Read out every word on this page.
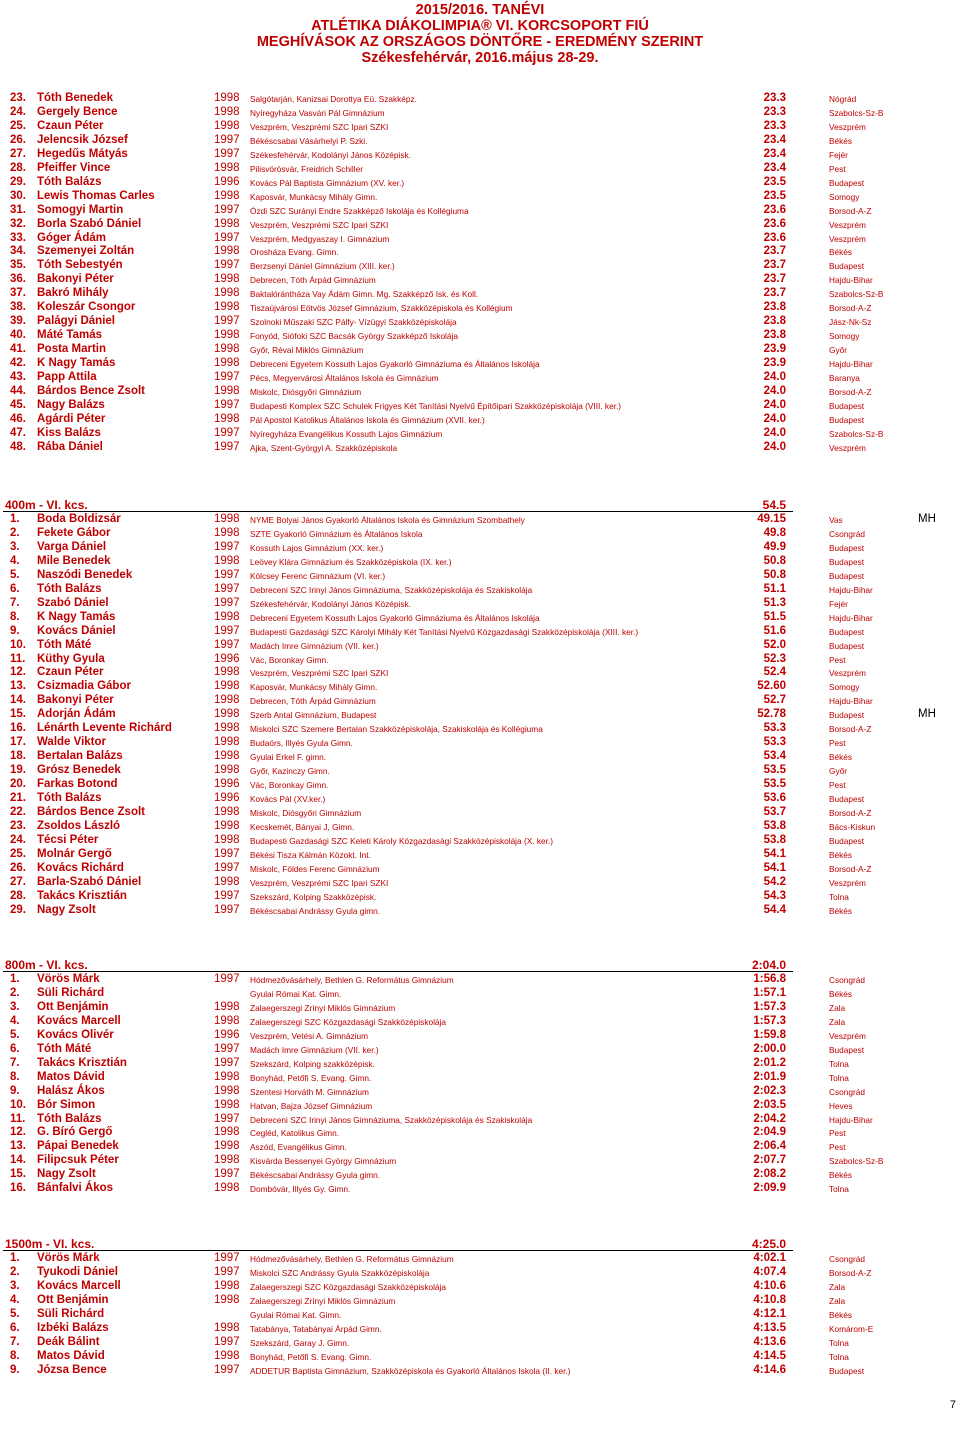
2015/2016. TANÉVI
ATLÉTIKA DIÁKOLIMPIA® VI. KORCSOPORT FIÚ
MEGHÍVÁSOK AZ ORSZÁGOS DÖNTŐRE - EREDMÉNY SZERINT
Székesfehérvár, 2016.május 28-29.
23. Tóth Benedek	1998 Salgótarján, Kanizsai Dorottya Eü. Szakképz.	23.3	Nógrád
24. Gergely Bence	1998 Nyíregyháza Vasvári Pál Gimnázium	23.3	Szabolcs-Sz-B
25. Czaun Péter	1998 Veszprém, Veszprémi SZC Ipari SZKI	23.3	Veszprém
26. Jelencsik József	1997 Békéscsabai Vásárhelyi P. Szki.	23.4	Békés
27. Hegedűs Mátyás	1997 Székesfehérvár, Kodolányi János Középisk.	23.4	Fejér
28. Pfeiffer Vince	1998 Pilisvörösvár, Freidrich Schiller	23.4	Pest
29. Tóth Balázs	1996 Kovács Pál Baptista Gimnázium (XV. ker.)	23.5	Budapest
30. Lewis Thomas Carles	1998 Kaposvár, Munkácsy Mihály Gimn.	23.5	Somogy
31. Somogyi Martin	1997 Ózdi SZC Surányi Endre Szakképző Iskolája és Kollégiuma	23.6	Borsod-A-Z
32. Borla Szabó Dániel	1998 Veszprém, Veszprémi SZC Ipari SZKI	23.6	Veszprém
33. Góger Ádám	1997 Veszprém, Medgyaszay I. Gimnázium	23.6	Veszprém
34. Szemenyei Zoltán	1998 Orosháza Evang. Gimn.	23.7	Békés
35. Tóth Sebestyén	1997 Berzsenyi Dániel Gimnázium (XIII. ker.)	23.7	Budapest
36. Bakonyi Péter	1998 Debrecen, Tóth Árpád Gimnázium	23.7	Hajdu-Bihar
37. Bakró Mihály	1998 Baktalórántháza Vay Ádám Gimn. Mg. Szakképző Isk. és Koll.	23.7	Szabolcs-Sz-B
38. Koleszár Csongor	1998 Tiszaújvárosi Eötvös József Gimnázium, Szakközépiskola és Kollégium	23.8	Borsod-A-Z
39. Palágyi Dániel	1997 Szolnoki Műszaki SZC Pálfy- Vízügyi Szakközépiskolája	23.8	Jász-Nk-Sz
40. Máté Tamás	1998 Fonyód, Siófoki SZC Bacsák György Szakképző Iskolája	23.8	Somogy
41. Posta Martin	1998 Győr, Révai Miklós Gimnázium	23.9	Győr
42. K Nagy Tamás	1998 Debreceni Egyetem Kossuth Lajos Gyakorló Gimnáziuma és Általános Iskolája	23.9	Hajdu-Bihar
43. Papp Attila	1997 Pécs, Megyervárosi Általános Iskola és Gimnázium	24.0	Baranya
44. Bárdos Bence Zsolt	1998 Miskolc, Diósgyőri Gimnázium	24.0	Borsod-A-Z
45. Nagy Balázs	1997 Budapesti Komplex SZC Schulek Frigyes Két Tanítási Nyelvű Építőipari Szakközépiskolája (VIII. ker.)	24.0	Budapest
46. Agárdi Péter	1998 Pál Apostol Katolikus Általános Iskola és Gimnázium (XVII. ker.)	24.0	Budapest
47. Kiss Balázs	1997 Nyíregyháza Evangélikus Kossuth Lajos Gimnázium	24.0	Szabolcs-Sz-B
48. Rába Dániel	1997 Ajka, Szent-Györgyi A. Szakközépiskola	24.0	Veszprém
400m - VI. kcs.	54.5
1.	Boda Boldizsár	1998 NYME Bolyai János Gyakorló Általános Iskola és Gimnázium Szombathely	49.15	Vas	MH
2.	Fekete Gábor	1998 SZTE Gyakorló Gimnázium és Általános Iskola	49.8	Csongrád
3.	Varga Dániel	1997 Kossuth Lajos Gimnázium (XX. ker.)	49.9	Budapest
4.	Mile Benedek	1998 Leövey Klára Gimnázium és Szakközépiskola (IX. ker.)	50.8	Budapest
5.	Naszódi Benedek	1997 Kölcsey Ferenc Gimnázium (VI. ker.)	50.8	Budapest
6.	Tóth Balázs	1997 Debreceni SZC Irinyi János Gimnáziuma, Szakközépiskolája és Szakiskolája	51.1	Hajdu-Bihar
7.	Szabó Dániel	1997 Székesfehérvár, Kodolányi János Középisk.	51.3	Fejér
8.	K Nagy Tamás	1998 Debreceni Egyetem Kossuth Lajos Gyakorló Gimnáziuma és Általános Iskolája	51.5	Hajdu-Bihar
9.	Kovács Dániel	1997 Budapesti Gazdasági SZC Károlyi Mihály Két Tanítási Nyelvű Közgazdasági Szakközépiskolája (XIII. ker.)	51.6	Budapest
10. Tóth Máté	1997 Madách Imre Gimnázium (VII. ker.)	52.0	Budapest
11.	Küthy Gyula	1996 Vác, Boronkay Gimn.	52.3	Pest
12. Czaun Péter	1998 Veszprém, Veszprémi SZC Ipari SZKI	52.4	Veszprém
13. Csizmadia Gábor	1998 Kaposvár, Munkácsy Mihály Gimn.	52.60	Somogy
14. Bakonyi Péter	1998 Debrecen, Tóth Árpád Gimnázium	52.7	Hajdu-Bihar
15. Adorján Ádám	1998 Szerb Antal Gimnázium, Budapest	52.78	Budapest	MH
16. Lénárth Levente Richárd	1998 Miskolci SZC Szemere Bertalan Szakközépiskolája, Szakiskolája és Kollégiuma	53.3	Borsod-A-Z
17. Walde Viktor	1998 Budaörs, Illyés Gyula Gimn.	53.3	Pest
18. Bertalan Balázs	1998 Gyulai Erkel F. gimn.	53.4	Békés
19. Grósz Benedek	1998 Győr, Kazinczy Gimn.	53.5	Győr
20. Farkas Botond	1996 Vác, Boronkay Gimn.	53.5	Pest
21. Tóth Balázs	1996 Kovács Pál (XV.ker.)	53.6	Budapest
22. Bárdos Bence Zsolt	1998 Miskolc, Diósgyőri Gimnázium	53.7	Borsod-A-Z
23. Zsoldos László	1998 Kecskemét, Bányai J, Gimn.	53.8	Bács-Kiskun
24. Técsi Péter	1998 Budapesti Gazdasági SZC Keleti Károly Közgazdasági Szakközépiskolája (X. ker.)	53.8	Budapest
25. Molnár Gergő	1997 Békési Tisza Kálmán Közokt. Int.	54.1	Békés
26. Kovács Richárd	1997 Miskolc, Földes Ferenc Gimnázium	54.1	Borsod-A-Z
27. Barla-Szabó Dániel	1998 Veszprém, Veszprémi SZC Ipari SZKI	54.2	Veszprém
28. Takács Krisztián	1997 Szekszárd, Kolping Szakközépisk.	54.3	Tolna
29. Nagy Zsolt	1997 Békéscsabai Andrássy Gyula gimn.	54.4	Békés
800m - VI. kcs.	2:04.0
1.	Vörös Márk	1997 Hódmezővásárhely, Bethlen G. Református Gimnázium	1:56.8	Csongrád
2.	Süli Richárd	Gyulai Római Kat. Gimn.	1:57.1	Békés
3.	Ott Benjámin	1998 Zalaegerszegi Zrínyi Miklós Gimnázium	1:57.3	Zala
4.	Kovács Marcell	1998 Zalaegerszegi SZC Közgazdasági Szakközépiskolája	1:57.3	Zala
5.	Kovács Olivér	1996 Veszprém, Vetési A. Gimnázium	1:59.8	Veszprém
6.	Tóth Máté	1997 Madách Imre Gimnázium (VII. ker.)	2:00.0	Budapest
7.	Takács Krisztián	1997 Szekszárd, Kolping szakközépisk.	2:01.2	Tolna
8.	Matos Dávid	1998 Bonyhád, Petőfi S. Evang. Gimn.	2:01.9	Tolna
9.	Halász Ákos	1998 Szentesi Horváth M. Gimnázium	2:02.3	Csongrád
10. Bór Simon	1998 Hatvan, Bajza József Gimnázium	2:03.5	Heves
11.	Tóth Balázs	1997 Debreceni SZC Irinyi János Gimnáziuma, Szakközépiskolája és Szakiskolája	2:04.2	Hajdu-Bihar
12. G. Bíró Gergő	1998 Cegléd, Katolikus Gimn.	2:04.9	Pest
13. Pápai Benedek	1998 Aszód, Evangélikus Gimn.	2:06.4	Pest
14. Filipcsuk Péter	1998 Kisvárda Bessenyei György Gimnázium	2:07.7	Szabolcs-Sz-B
15. Nagy Zsolt	1997 Békéscsabai Andrássy Gyula gimn.	2:08.2	Békés
16. Bánfalvi Ákos	1998 Dombóvár, Illyés Gy. Gimn.	2:09.9	Tolna
1500m - VI. kcs.	4:25.0
1.	Vörös Márk	1997 Hódmezővásárhely, Bethlen G. Református Gimnázium	4:02.1	Csongrád
2.	Tyukodi Dániel	1997 Miskolci SZC Andrássy Gyula Szakközépiskolája	4:07.4	Borsod-A-Z
3.	Kovács Marcell	1998 Zalaegerszegi SZC Közgazdasági Szakközépiskolája	4:10.6	Zala
4.	Ott Benjámin	1998 Zalaegerszegi Zrínyi Miklós Gimnázium	4:10.8	Zala
5.	Süli Richárd	Gyulai Római Kat. Gimn.	4:12.1	Békés
6.	Izbéki Balázs	1998 Tatabánya, Tatabányai Árpád Gimn.	4:13.5	Komárom-E
7.	Deák Bálint	1997 Szekszárd, Garay J. Gimn.	4:13.6	Tolna
8.	Matos Dávid	1998 Bonyhád, Petőfi S. Evang. Gimn.	4:14.5	Tolna
9.	Józsa Bence	1997 ADDETUR Baptista Gimnázium, Szakközépiskola és Gyakorló Általános Iskola (II. ker.)	4:14.6	Budapest
7
